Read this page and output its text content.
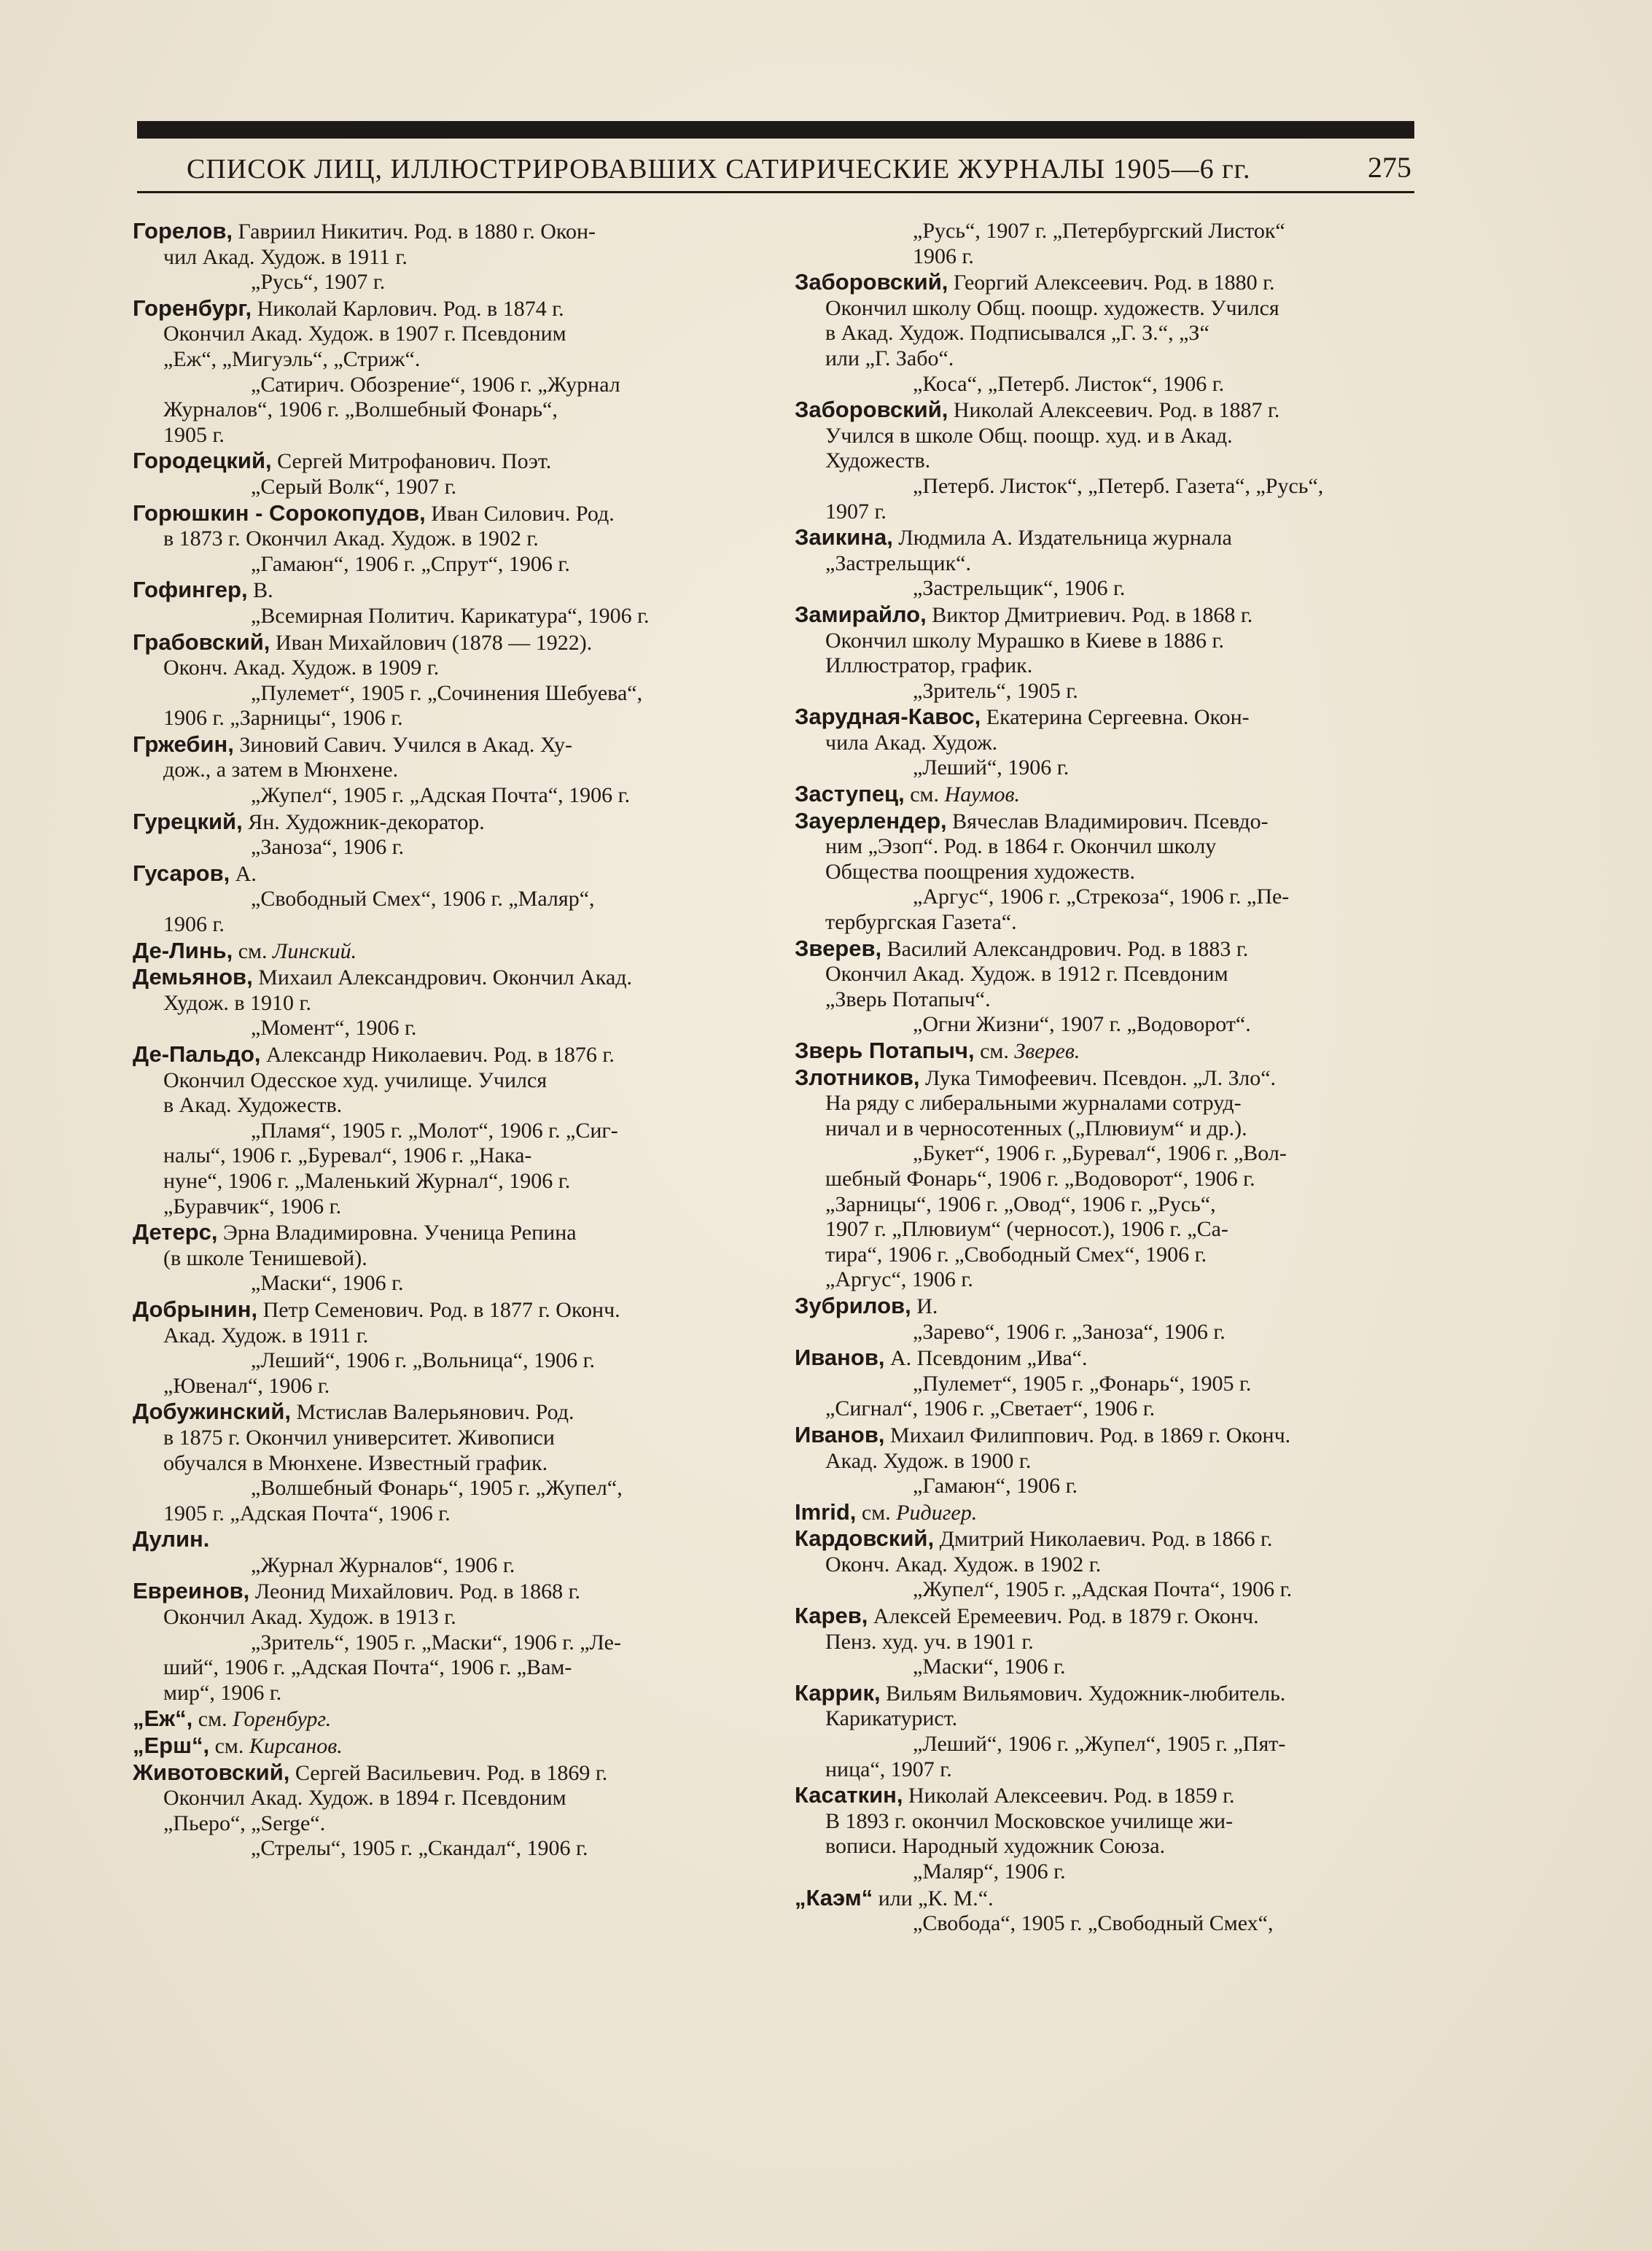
СПИСОК ЛИЦ, ИЛЛЮСТРИРОВАВШИХ САТИРИЧЕСКИЕ ЖУРНАЛЫ 1905—6 гг.	275
Горелов, Гавриил Никитич. Род. в 1880 г. Окон-
чил Акад. Худож. в 1911 г.
„Русь“, 1907 г.
Горенбург, Николай Карлович. Род. в 1874 г.
Окончил Акад. Худож. в 1907 г. Псевдоним
„Еж“, „Мигуэль“, „Стриж“.
„Сатирич. Обозрение“, 1906 г. „Журнал
Журналов“, 1906 г. „Волшебный Фонарь“,
1905 г.
Городецкий, Сергей Митрофанович. Поэт.
„Серый Волк“, 1907 г.
Горюшкин - Сорокопудов, Иван Силович. Род.
в 1873 г. Окончил Акад. Худож. в 1902 г.
„Гамаюн“, 1906 г. „Спрут“, 1906 г.
Гофингер, В.
„Всемирная Политич. Карикатура“, 1906 г.
Грабовский, Иван Михайлович (1878 — 1922).
Оконч. Акад. Худож. в 1909 г.
„Пулемет“, 1905 г. „Сочинения Шебуева“,
1906 г. „Зарницы“, 1906 г.
Гржебин, Зиновий Савич. Учился в Акад. Ху-
дож., а затем в Мюнхене.
„Жупел“, 1905 г. „Адская Почта“, 1906 г.
Гурецкий, Ян. Художник-декоратор.
„Заноза“, 1906 г.
Гусаров, А.
„Свободный Смех“, 1906 г. „Маляр“,
1906 г.
Де-Линь, см. Линский.
Демьянов, Михаил Александрович. Окончил Акад.
Худож. в 1910 г.
„Момент“, 1906 г.
Де-Пальдо, Александр Николаевич. Род. в 1876 г.
Окончил Одесское худ. училище. Учился
в Акад. Художеств.
„Пламя“, 1905 г. „Молот“, 1906 г. „Сиг-
налы“, 1906 г. „Буревал“, 1906 г. „Нака-
нуне“, 1906 г. „Маленький Журнал“, 1906 г.
„Буравчик“, 1906 г.
Детерс, Эрна Владимировна. Ученица Репина
(в школе Тенишевой).
„Маски“, 1906 г.
Добрынин, Петр Семенович. Род. в 1877 г. Оконч.
Акад. Худож. в 1911 г.
„Леший“, 1906 г. „Вольница“, 1906 г.
„Ювенал“, 1906 г.
Добужинский, Мстислав Валерьянович. Род.
в 1875 г. Окончил университет. Живописи
обучался в Мюнхене. Известный график.
„Волшебный Фонарь“, 1905 г. „Жупел“,
1905 г. „Адская Почта“, 1906 г.
Дулин.
„Журнал Журналов“, 1906 г.
Евреинов, Леонид Михайлович. Род. в 1868 г.
Окончил Акад. Худож. в 1913 г.
„Зритель“, 1905 г. „Маски“, 1906 г. „Ле-
ший“, 1906 г. „Адская Почта“, 1906 г. „Вам-
мир“, 1906 г.
„Еж“, см. Горенбург.
„Ерш“, см. Кирсанов.
Животовский, Сергей Васильевич. Род. в 1869 г.
Окончил Акад. Худож. в 1894 г. Псевдоним
„Пьеро“, „Serge“.
„Стрелы“, 1905 г. „Скандал“, 1906 г.
„Русь“, 1907 г. „Петербургский Листок“
1906 г.
Заборовский, Георгий Алексеевич. Род. в 1880 г.
Окончил школу Общ. поощр. художеств. Учился
в Акад. Худож. Подписывался „Г. З.“, „З“
или „Г. Забо“.
„Коса“, „Петерб. Листок“, 1906 г.
Заборовский, Николай Алексеевич. Род. в 1887 г.
Учился в школе Общ. поощр. худ. и в Акад.
Художеств.
„Петерб. Листок“, „Петерб. Газета“, „Русь“,
1907 г.
Заикина, Людмила А. Издательница журнала
„Застрельщик“.
„Застрельщик“, 1906 г.
Замирайло, Виктор Дмитриевич. Род. в 1868 г.
Окончил школу Мурашко в Киеве в 1886 г.
Иллюстратор, график.
„Зритель“, 1905 г.
Зарудная-Кавос, Екатерина Сергеевна. Окон-
чила Акад. Худож.
„Леший“, 1906 г.
Заступец, см. Наумов.
Зауерлендер, Вячеслав Владимирович. Псевдо-
ним „Эзоп“. Род. в 1864 г. Окончил школу
Общества поощрения художеств.
„Аргус“, 1906 г. „Стрекоза“, 1906 г. „Пе-
тербургская Газета“.
Зверев, Василий Александрович. Род. в 1883 г.
Окончил Акад. Худож. в 1912 г. Псевдоним
„Зверь Потапыч“.
„Огни Жизни“, 1907 г. „Водоворот“.
Зверь Потапыч, см. Зверев.
Злотников, Лука Тимофеевич. Псевдон. „Л. Зло“.
На ряду с либеральными журналами сотруд-
ничал и в черносотенных („Плювиум“ и др.).
„Букет“, 1906 г. „Буревал“, 1906 г. „Вол-
шебный Фонарь“, 1906 г. „Водоворот“, 1906 г.
„Зарницы“, 1906 г. „Овод“, 1906 г. „Русь“,
1907 г. „Плювиум“ (черносот.), 1906 г. „Са-
тира“, 1906 г. „Свободный Смех“, 1906 г.
„Аргус“, 1906 г.
Зубрилов, И.
„Зарево“, 1906 г. „Заноза“, 1906 г.
Иванов, А. Псевдоним „Ива“.
„Пулемет“, 1905 г. „Фонарь“, 1905 г.
„Сигнал“, 1906 г. „Светает“, 1906 г.
Иванов, Михаил Филиппович. Род. в 1869 г. Оконч.
Акад. Худож. в 1900 г.
„Гамаюн“, 1906 г.
Imrid, см. Ридигер.
Кардовский, Дмитрий Николаевич. Род. в 1866 г.
Оконч. Акад. Худож. в 1902 г.
„Жупел“, 1905 г. „Адская Почта“, 1906 г.
Карев, Алексей Еремеевич. Род. в 1879 г. Оконч.
Пенз. худ. уч. в 1901 г.
„Маски“, 1906 г.
Каррик, Вильям Вильямович. Художник-любитель.
Карикатурист.
„Леший“, 1906 г. „Жупел“, 1905 г. „Пят-
ница“, 1907 г.
Касаткин, Николай Алексеевич. Род. в 1859 г.
В 1893 г. окончил Московское училище жи-
вописи. Народный художник Союза.
„Маляр“, 1906 г.
„Каэм“ или „К. М.“.
„Свобода“, 1905 г. „Свободный Смех“,
